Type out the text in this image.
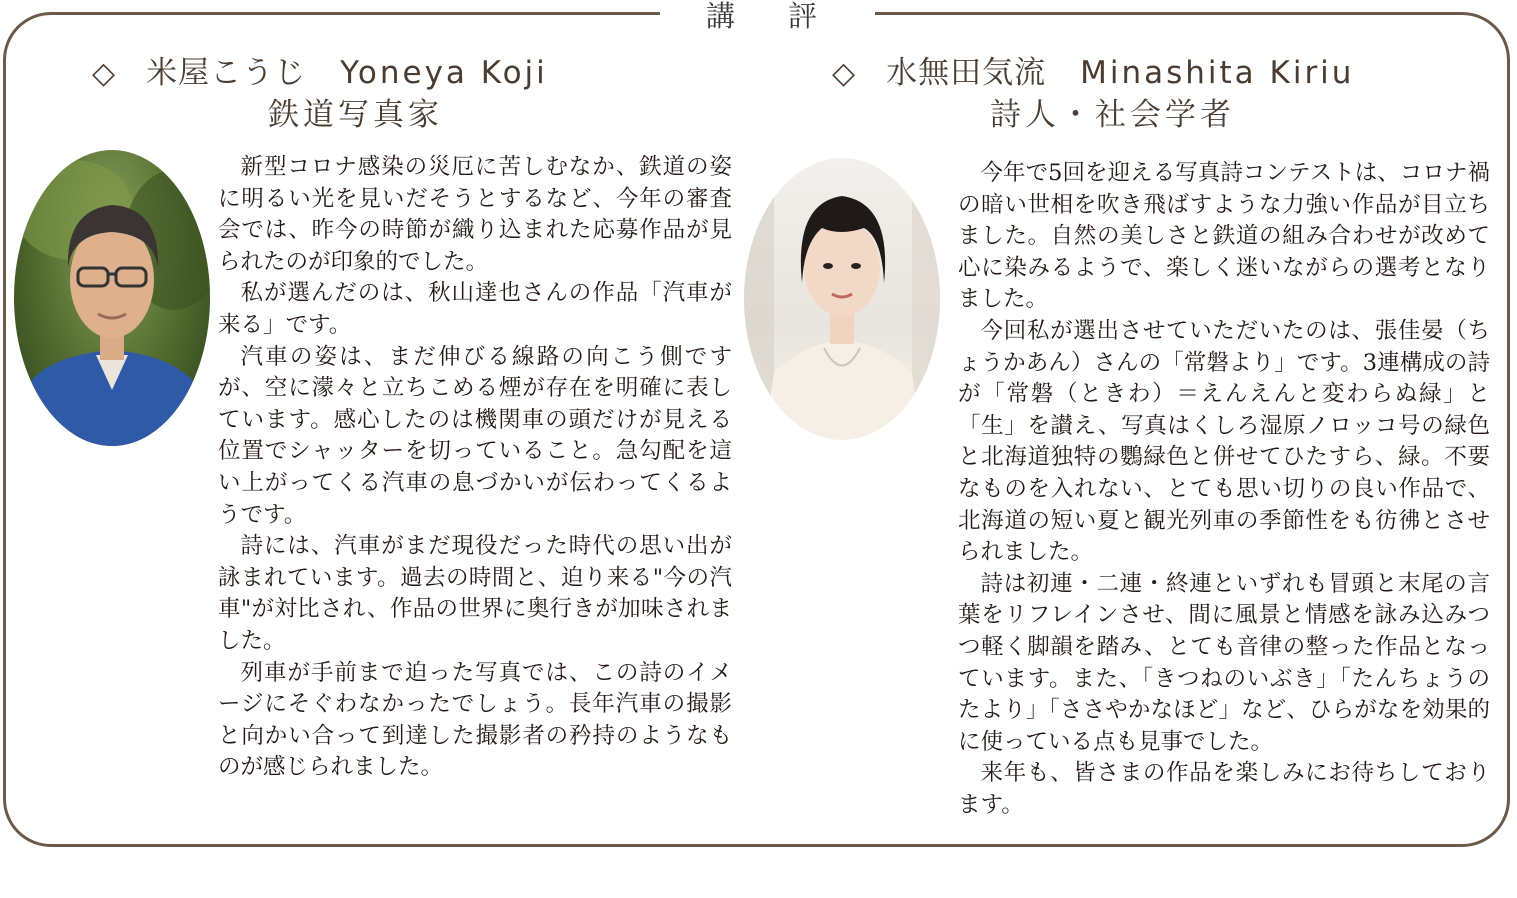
講　評
◇ 米屋こうじ Yoneya Koji
鉄道写真家

新型コロナ感染の災厄に苦しむなか、鉄道の姿に明るい光を見いだそうとするなど、今年の審査会では、昨今の時節が織り込まれた応募作品が見られたのが印象的でした。

私が選んだのは、秋山達也さんの作品「汽車が来る」です。

汽車の姿は、まだ伸びる線路の向こう側ですが、空に濛々と立ちこめる煙が存在を明確に表しています。感心したのは機関車の頭だけが見える位置でシャッターを切っていること。急勾配を這い上がってくる汽車の息づかいが伝わってくるようです。

詩には、汽車がまだ現役だった時代の思い出が詠まれています。過去の時間と、迫り来る"今の汽車"が対比され、作品の世界に奥行きが加味されました。

列車が手前まで迫った写真では、この詩のイメージにそぐわなかったでしょう。長年汽車の撮影と向かい合って到達した撮影者の矜持のようなものが感じられました。

◇ 水無田気流 Minashita Kiriu
詩人・社会学者

今年で5回を迎える写真詩コンテストは、コロナ禍の暗い世相を吹き飛ばすような力強い作品が目立ちました。自然の美しさと鉄道の組み合わせが改めて心に染みるようで、楽しく迷いながらの選考となりました。

今回私が選出させていただいたのは、張佳晏（ちょうかあん）さんの「常磐より」です。3連構成の詩が「常磐（ときわ）＝えんえんと変わらぬ緑」と「生」を讃え、写真はくしろ湿原ノロッコ号の緑色と北海道独特の鸚緑色と併せてひたすら、緑。不要なものを入れない、とても思い切りの良い作品で、北海道の短い夏と観光列車の季節性をも彷彿とさせられました。

詩は初連・二連・終連といずれも冒頭と末尾の言葉をリフレインさせ、間に風景と情感を詠み込みつつ軽く脚韻を踏み、とても音律の整った作品となっています。また、「きつねのいぶき」「たんちょうのたより」「ささやかなほど」など、ひらがなを効果的に使っている点も見事でした。

来年も、皆さまの作品を楽しみにお待ちしております。
